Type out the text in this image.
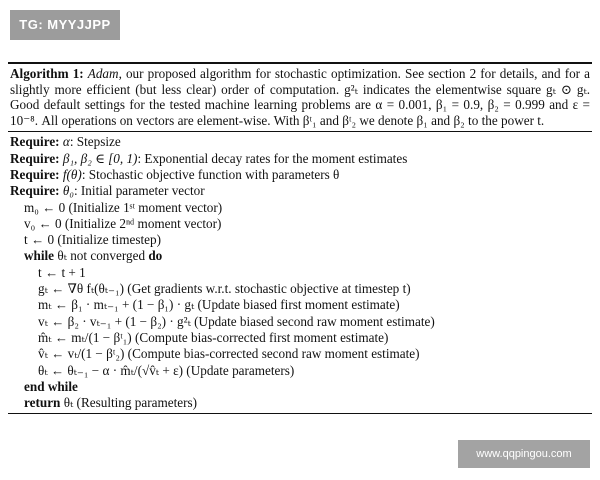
TG: MYYJJPP
Algorithm 1: Adam, our proposed algorithm for stochastic optimization. See section 2 for details, and for a slightly more efficient (but less clear) order of computation. g²ₜ indicates the elementwise square gₜ ⊙ gₜ. Good default settings for the tested machine learning problems are α = 0.001, β₁ = 0.9, β₂ = 0.999 and ε = 10⁻⁸. All operations on vectors are element-wise. With βᵗ₁ and βᵗ₂ we denote β₁ and β₂ to the power t.
Require: α: Stepsize
Require: β₁, β₂ ∈ [0, 1): Exponential decay rates for the moment estimates
Require: f(θ): Stochastic objective function with parameters θ
Require: θ₀: Initial parameter vector
m₀ ← 0 (Initialize 1ˢᵗ moment vector)
v₀ ← 0 (Initialize 2ⁿᵈ moment vector)
t ← 0 (Initialize timestep)
while θₜ not converged do
t ← t + 1
gₜ ← ∇θ fₜ(θₜ₋₁) (Get gradients w.r.t. stochastic objective at timestep t)
mₜ ← β₁ · mₜ₋₁ + (1 − β₁) · gₜ (Update biased first moment estimate)
vₜ ← β₂ · vₜ₋₁ + (1 − β₂) · g²ₜ (Update biased second raw moment estimate)
m̂ₜ ← mₜ/(1 − βᵗ₁) (Compute bias-corrected first moment estimate)
v̂ₜ ← vₜ/(1 − βᵗ₂) (Compute bias-corrected second raw moment estimate)
θₜ ← θₜ₋₁ − α · m̂ₜ/(√v̂ₜ + ε) (Update parameters)
end while
return θₜ (Resulting parameters)
www.qqpingou.com
